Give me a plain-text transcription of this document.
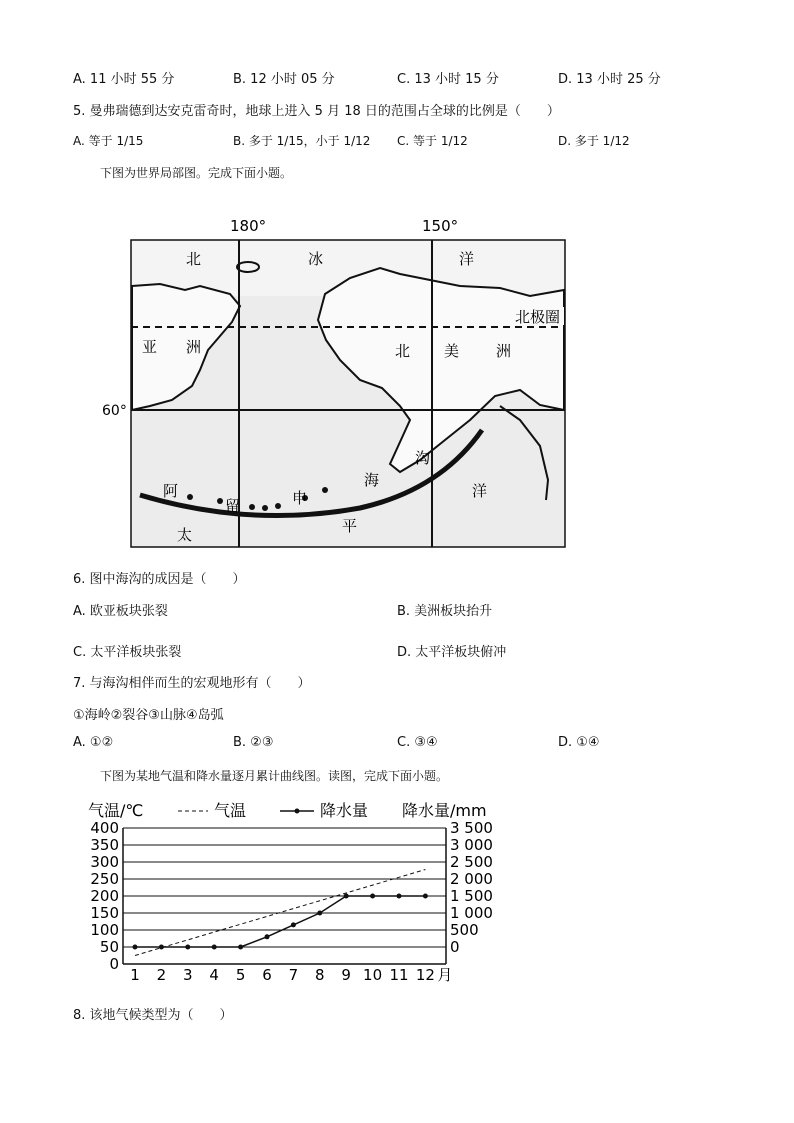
A. 11 小时 55 分	B. 12 小时 05 分	C. 13 小时 15 分	D. 13 小时 25 分
5. 曼弗瑞德到达安克雷奇时，地球上进入 5 月 18 日的范围占全球的比例是（　　）
A. 等于 1/15	B. 多于 1/15，小于 1/12 C. 等于 1/12	D. 多于 1/12
下图为世界局部图。完成下面小题。
180°	150°
60°
北	冰	洋
北极圈
亚 洲	北 美 洲
阿
留	申
海
沟
太	平
洋
6. 图中海沟的成因是（　　）
A. 欧亚板块张裂	B. 美洲板块抬升
C. 太平洋板块张裂	D. 太平洋板块俯冲
7. 与海沟相伴而生的宏观地形有（　　）
①海岭②裂谷③山脉④岛弧
A. ①②	B. ②③	C. ③④	D. ①④
下图为某地气温和降水量逐月累计曲线图。读图，完成下面小题。
气温/℃	气温	降水量 降水量/mm
0
50
100
150
200
250
300
350
400
0
500
1 000
1 500
2 000
2 500
3 000
3 500
1 2 3 4 5 6 7 8 9 10 11 12 月
8. 该地气候类型为（　　）
